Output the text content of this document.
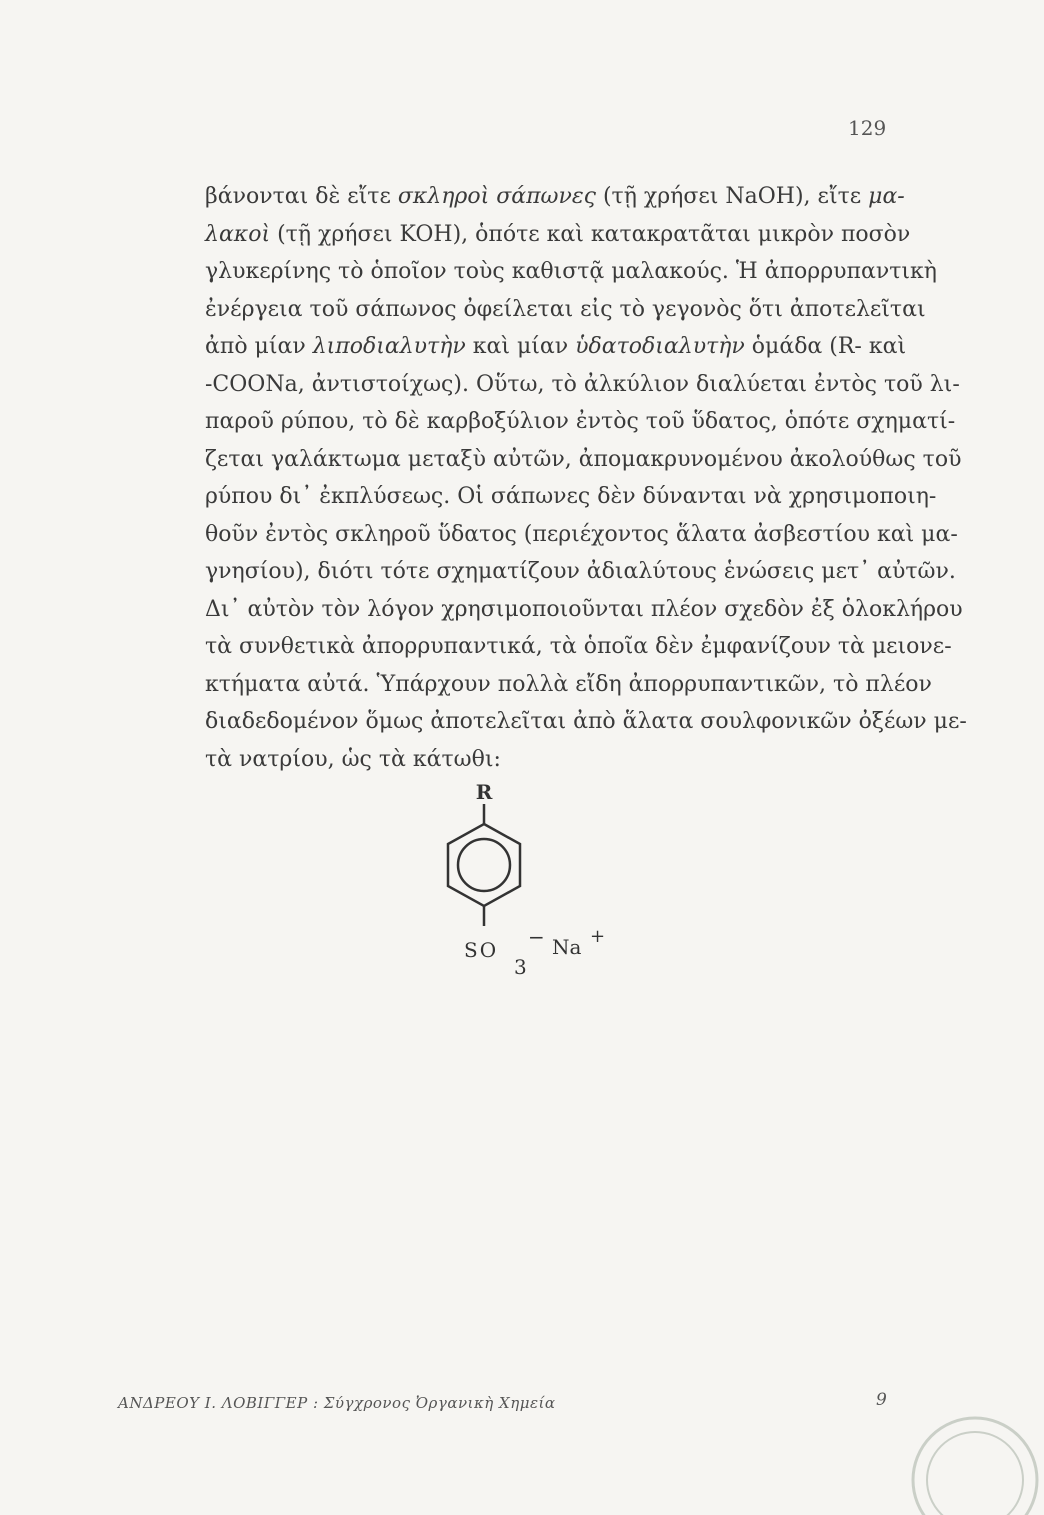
129
βάνονται δὲ εἴτε σκληροὶ σάπωνες (τῇ χρήσει NaOH), εἴτε μα-
λακοὶ (τῇ χρήσει KOH), ὁπότε καὶ κατακρατᾶται μικρὸν ποσὸν
γλυκερίνης τὸ ὁποῖον τοὺς καθιστᾷ μαλακούς. Ἡ ἀπορρυπαντικὴ
ἐνέργεια τοῦ σάπωνος ὀφείλεται εἰς τὸ γεγονὸς ὅτι ἀποτελεῖται
ἀπὸ μίαν λιποδιαλυτὴν καὶ μίαν ὑδατοδιαλυτὴν ὁμάδα (R- καὶ
-COONa, ἀντιστοίχως). Οὕτω, τὸ ἀλκύλιον διαλύεται ἐντὸς τοῦ λι-
παροῦ ρύπου, τὸ δὲ καρβοξύλιον ἐντὸς τοῦ ὕδατος, ὁπότε σχηματί-
ζεται γαλάκτωμα μεταξὺ αὐτῶν, ἀπομακρυνομένου ἀκολούθως τοῦ
ρύπου δι᾿ ἐκπλύσεως. Οἱ σάπωνες δὲν δύνανται νὰ χρησιμοποιη-
θοῦν ἐντὸς σκληροῦ ὕδατος (περιέχοντος ἅλατα ἀσβεστίου καὶ μα-
γνησίου), διότι τότε σχηματίζουν ἀδιαλύτους ἑνώσεις μετ᾿ αὐτῶν.
Δι᾿ αὐτὸν τὸν λόγον χρησιμοποιοῦνται πλέον σχεδὸν ἐξ ὁλοκλήρου
τὰ συνθετικὰ ἀπορρυπαντικά, τὰ ὁποῖα δὲν ἐμφανίζουν τὰ μειονε-
κτήματα αὐτά. Ὑπάρχουν πολλὰ εἴδη ἀπορρυπαντικῶν, τὸ πλέον
διαδεδομένον ὅμως ἀποτελεῖται ἀπὸ ἅλατα σουλφονικῶν ὀξέων με-
τὰ νατρίου, ὡς τὰ κάτωθι:
R
SO
3
− Na +
ΑΝΔΡΕΟΥ Ι. ΛΟΒΙΓΓΕΡ : Σύγχρονος Ὀργανικὴ Χημεία	9
